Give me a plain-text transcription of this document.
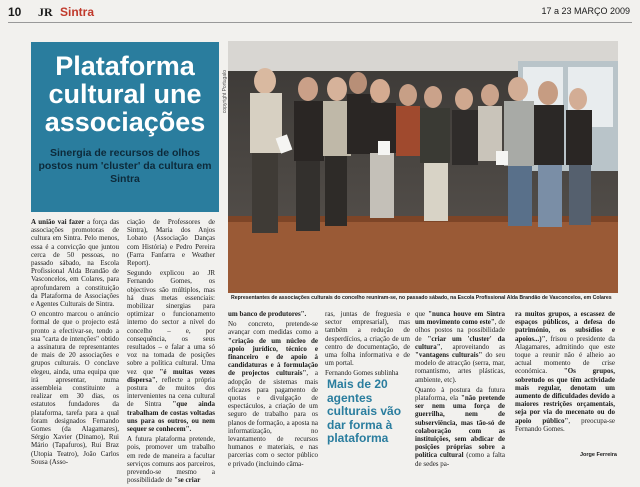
10 JR Sintra	17 a 23 MARÇO 2009
Plataforma cultural une associações
Sinergia de recursos de olhos postos num 'cluster' da cultura em Sintra
copyright Portugalo
Representantes de associações culturais do concelho reuniram-se, no passado sábado, na Escola Profissional Alda Brandão de Vasconcelos, em Colares

A união vai fazer a força das associações promotoras de cultura em Sintra. Pelo menos, essa é a convicção que juntou cerca de 50 pessoas, no passado sábado, na Escola Profissional Alda Brandão de Vasconcelos, em Colares, para aprofundarem a constituição da Plataforma de Associações e Agentes Culturais de Sintra.

O encontro marcou o anúncio formal de que o projecto está pronto a efectivar-se, tendo a sua "carta de intenções" obtido a assinatura de representantes de mais de 20 associações e grupos culturais. O conclave elegeu, ainda, uma equipa que irá apresentar, numa assembleia constituinte a realizar em 30 dias, os estatutos fundadores da plataforma, tarefa para a qual foram designados Fernando Gomes (da Alagamares), Sérgio Xavier (Dínamo), Rui Mário (Tapafuros), Rui Braz (Utopia Teatro), João Carlos Sousa (Asso-

ciação de Professores de Sintra), Maria dos Anjos Lobato (Associação Danças com História) e Pedro Pereira (Farra Fanfarra e Weather Report).

Segundo explicou ao JR Fernando Gomes, os objectivos são múltiplos, mas há duas metas essenciais: mobilizar sinergias para optimizar o funcionamento interno do sector a nível do concelho – e, por consequência, os seus resultados – e falar a uma só voz na tomada de posições sobre a política cultural. Uma vez que "é muitas vezes dispersa", reflecte a própria postura de muitos dos intervenientes na cena cultural de Sintra "que ainda trabalham de costas voltadas uns para os outros, ou nem sequer se conhecem".

A futura plataforma pretende, pois, promover um trabalho em rede de maneira a facultar serviços comuns aos parceiros, prevendo-se mesmo a possibilidade de "se criar

um banco de produtores".

No concreto, pretende-se avançar com medidas como a "criação de um núcleo de apoio jurídico, técnico e financeiro e de apoio à candidaturas e à formulação de projectos culturais", a adopção de sistemas mais eficazes para pagamento de quotas e divulgação de espectáculos, a criação de um seguro de trabalho para os planos de formação, a aposta na informatização, no levantamento de recursos humanos e materiais, e nas parcerias com o sector público e privado (incluindo câma-

ras, juntas de freguesia e sector empresarial), mas também a redução de desperdícios, a criação de um centro de documentação, de uma folha informativa e de um portal.

Fernando Gomes sublinha

Mais de 20 agentes culturais vão dar forma à plataforma

que "nunca houve em Sintra um movimento como este", de olhos postos na possibilidade de "criar um 'cluster' da cultura", aproveitando as "vantagens culturais" do seu modelo de atracção (serra, mar, romantismo, artes plásticas, ambiente, etc).

Quanto à postura da futura plataforma, ela "não pretende ser nem uma força de guerrilha, nem de subserviência, mas tão-só de colaboração com as instituições, sem abdicar de posições próprias sobre a política cultural (como a falta de sedes pa-

ra muitos grupos, a escassez de espaços públicos, a defesa do património, os subsídios e apoios...)", frisou o presidente da Alagamares, admitindo que este toque a reunir não é alheio ao actual momento de crise económica. "Os grupos, sobretudo os que têm actividade mais regular, denotam um aumento de dificuldades devido a maiores restrições orçamentais, seja por via do mecenato ou do apoio público", preocupa-se Fernando Gomes.

Jorge Ferreira
